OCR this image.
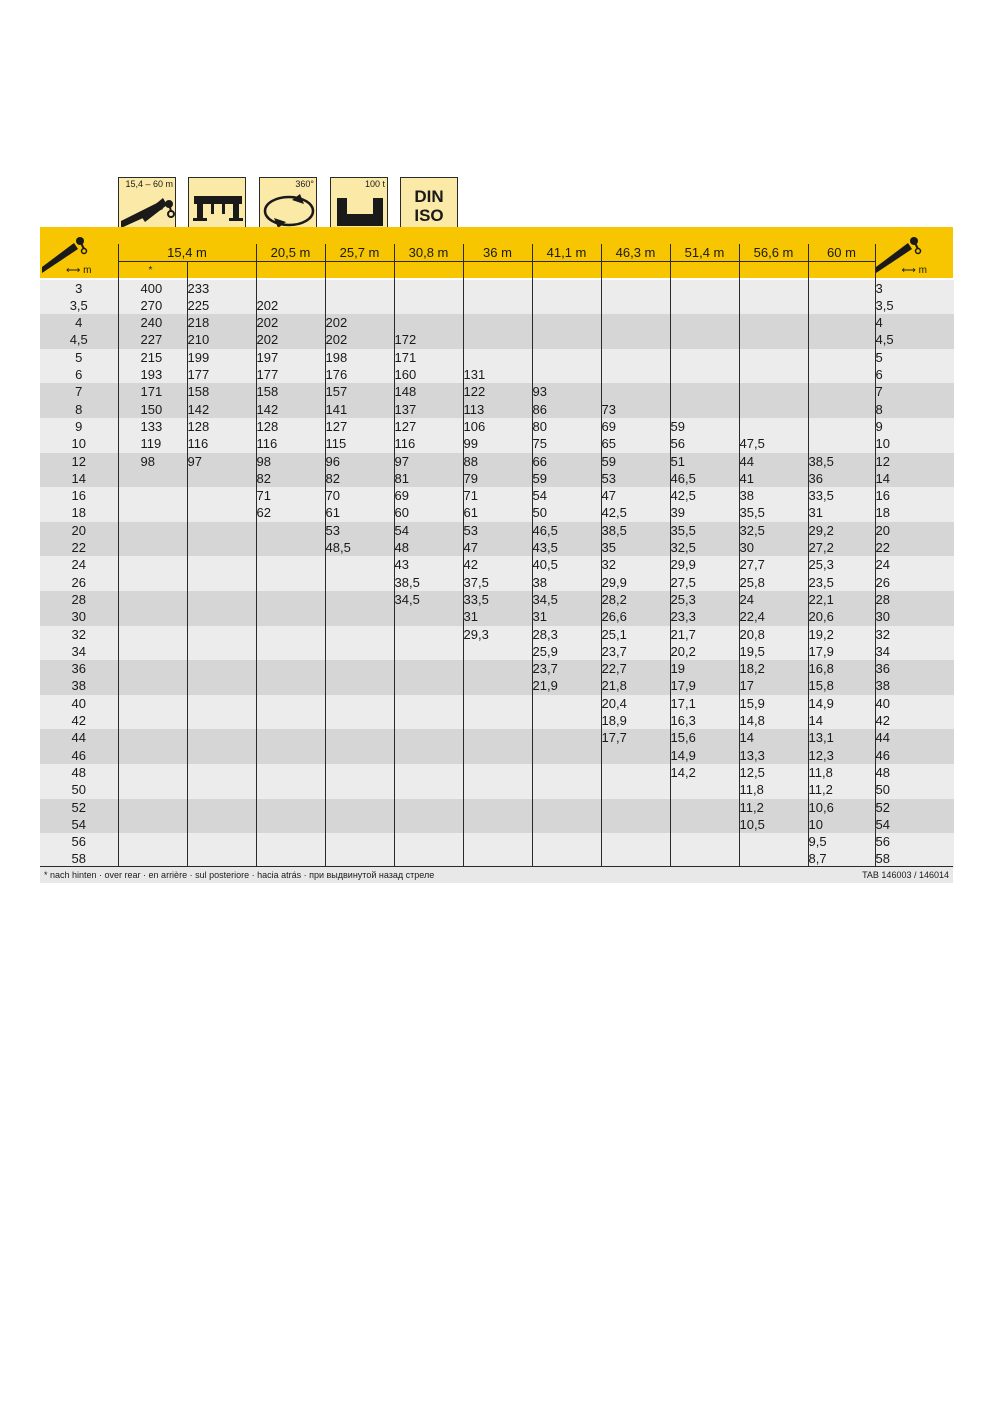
15,4 – 60 m	360°	100 t
DIN
ISO
	15,4 m		20,5 m	25,7 m	30,8 m	36 m	41,1 m	46,3 m	51,4 m	56,6 m	60 m	
⟷ m	*											⟷ m
3	400	233										3
3,5	270	225	202									3,5
4	240	218	202	202								4
4,5	227	210	202	202	172							4,5
5	215	199	197	198	171							5
6	193	177	177	176	160	131						6
7	171	158	158	157	148	122	93					7
8	150	142	142	141	137	113	86	73				8
9	133	128	128	127	127	106	80	69	59			9
10	119	116	116	115	116	99	75	65	56	47,5		10
12	98	97	98	96	97	88	66	59	51	44	38,5	12
14			82	82	81	79	59	53	46,5	41	36	14
16			71	70	69	71	54	47	42,5	38	33,5	16
18			62	61	60	61	50	42,5	39	35,5	31	18
20				53	54	53	46,5	38,5	35,5	32,5	29,2	20
22				48,5	48	47	43,5	35	32,5	30	27,2	22
24					43	42	40,5	32	29,9	27,7	25,3	24
26					38,5	37,5	38	29,9	27,5	25,8	23,5	26
28					34,5	33,5	34,5	28,2	25,3	24	22,1	28
30						31	31	26,6	23,3	22,4	20,6	30
32						29,3	28,3	25,1	21,7	20,8	19,2	32
34							25,9	23,7	20,2	19,5	17,9	34
36							23,7	22,7	19	18,2	16,8	36
38							21,9	21,8	17,9	17	15,8	38
40								20,4	17,1	15,9	14,9	40
42								18,9	16,3	14,8	14	42
44								17,7	15,6	14	13,1	44
46									14,9	13,3	12,3	46
48									14,2	12,5	11,8	48
50										11,8	11,2	50
52										11,2	10,6	52
54										10,5	10	54
56											9,5	56
58											8,7	58
* nach hinten · over rear · en arrière · sul posteriore · hacia atrás · при выдвинутой назад стреле	TAB 146003 / 146014
